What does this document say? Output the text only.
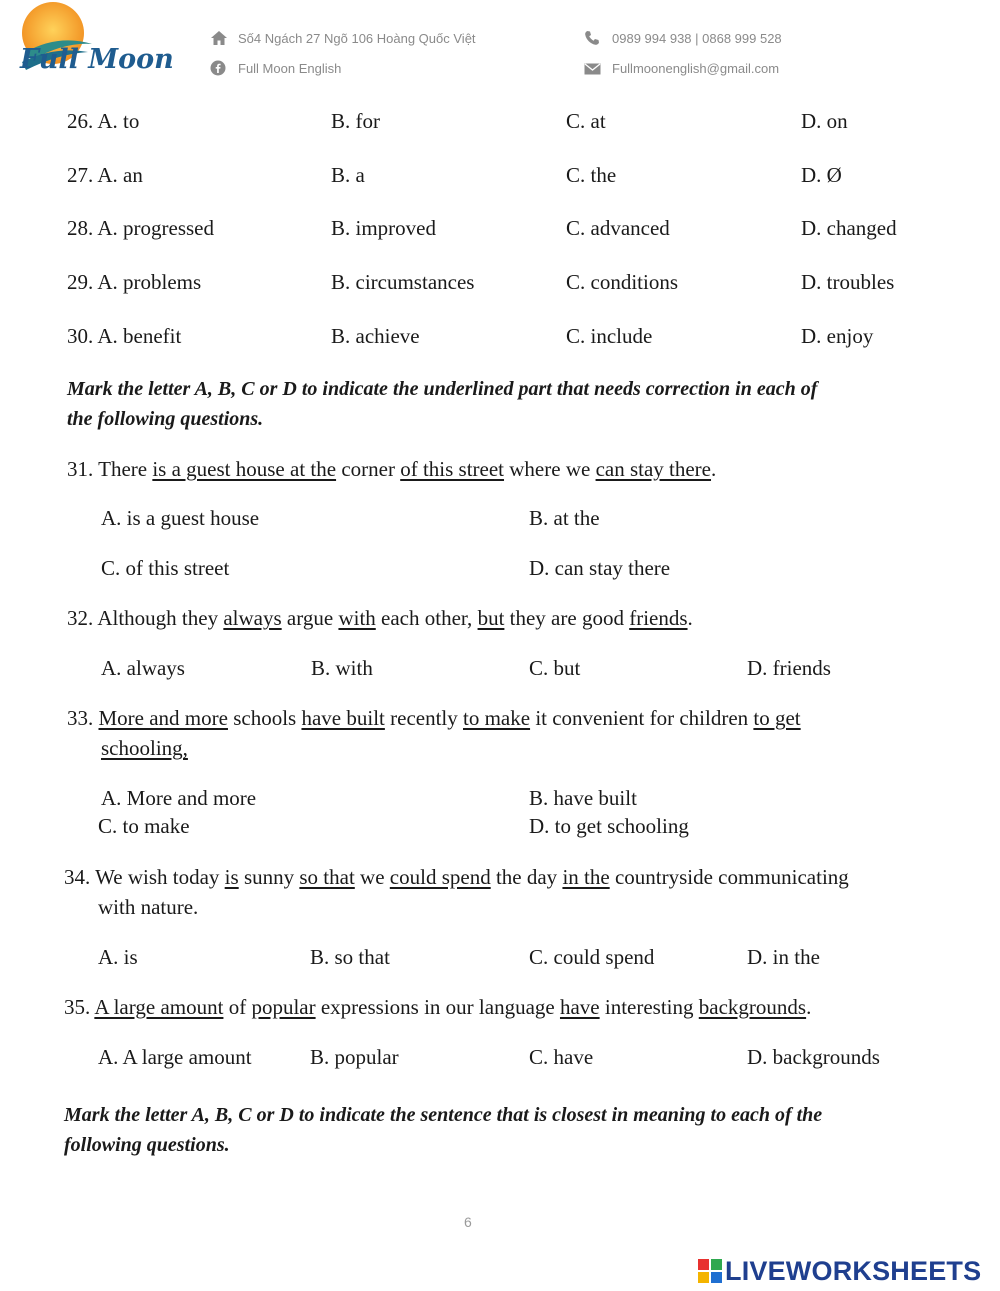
Full Moon
Số4 Ngách 27 Ngõ 106 Hoàng Quốc Việt
Full Moon English
0989 994 938 | 0868 999 528
Fullmoonenglish@gmail.com
26. A. to	B. for	C. at	D. on
27. A. an	B. a	C. the	D. Ø
28. A. progressed	B. improved	C. advanced	D. changed
29. A. problems	B. circumstances	C. conditions	D. troubles
30. A. benefit	B. achieve	C. include	D. enjoy
Mark the letter A, B, C or D to indicate the underlined part that needs correction in each of
the following questions.
31. There is a guest house at the corner of this street where we can stay there.
A. is a guest house	B. at the
C. of this street	D. can stay there
32. Although they always argue with each other, but they are good friends.
A. always	B. with	C. but	D. friends
33. More and more schools have built recently to make it convenient for children to get
schooling,
A. More and more	B. have built
C. to make	D. to get schooling
34. We wish today is sunny so that we could spend the day in the countryside communicating
with nature.
A. is	B. so that	C. could spend	D. in the
35. A large amount of popular expressions in our language have interesting backgrounds.
A. A large amount	B. popular	C. have	D. backgrounds
Mark the letter A, B, C or D to indicate the sentence that is closest in meaning to each of the
following questions.
6
LIVEWORKSHEETS
